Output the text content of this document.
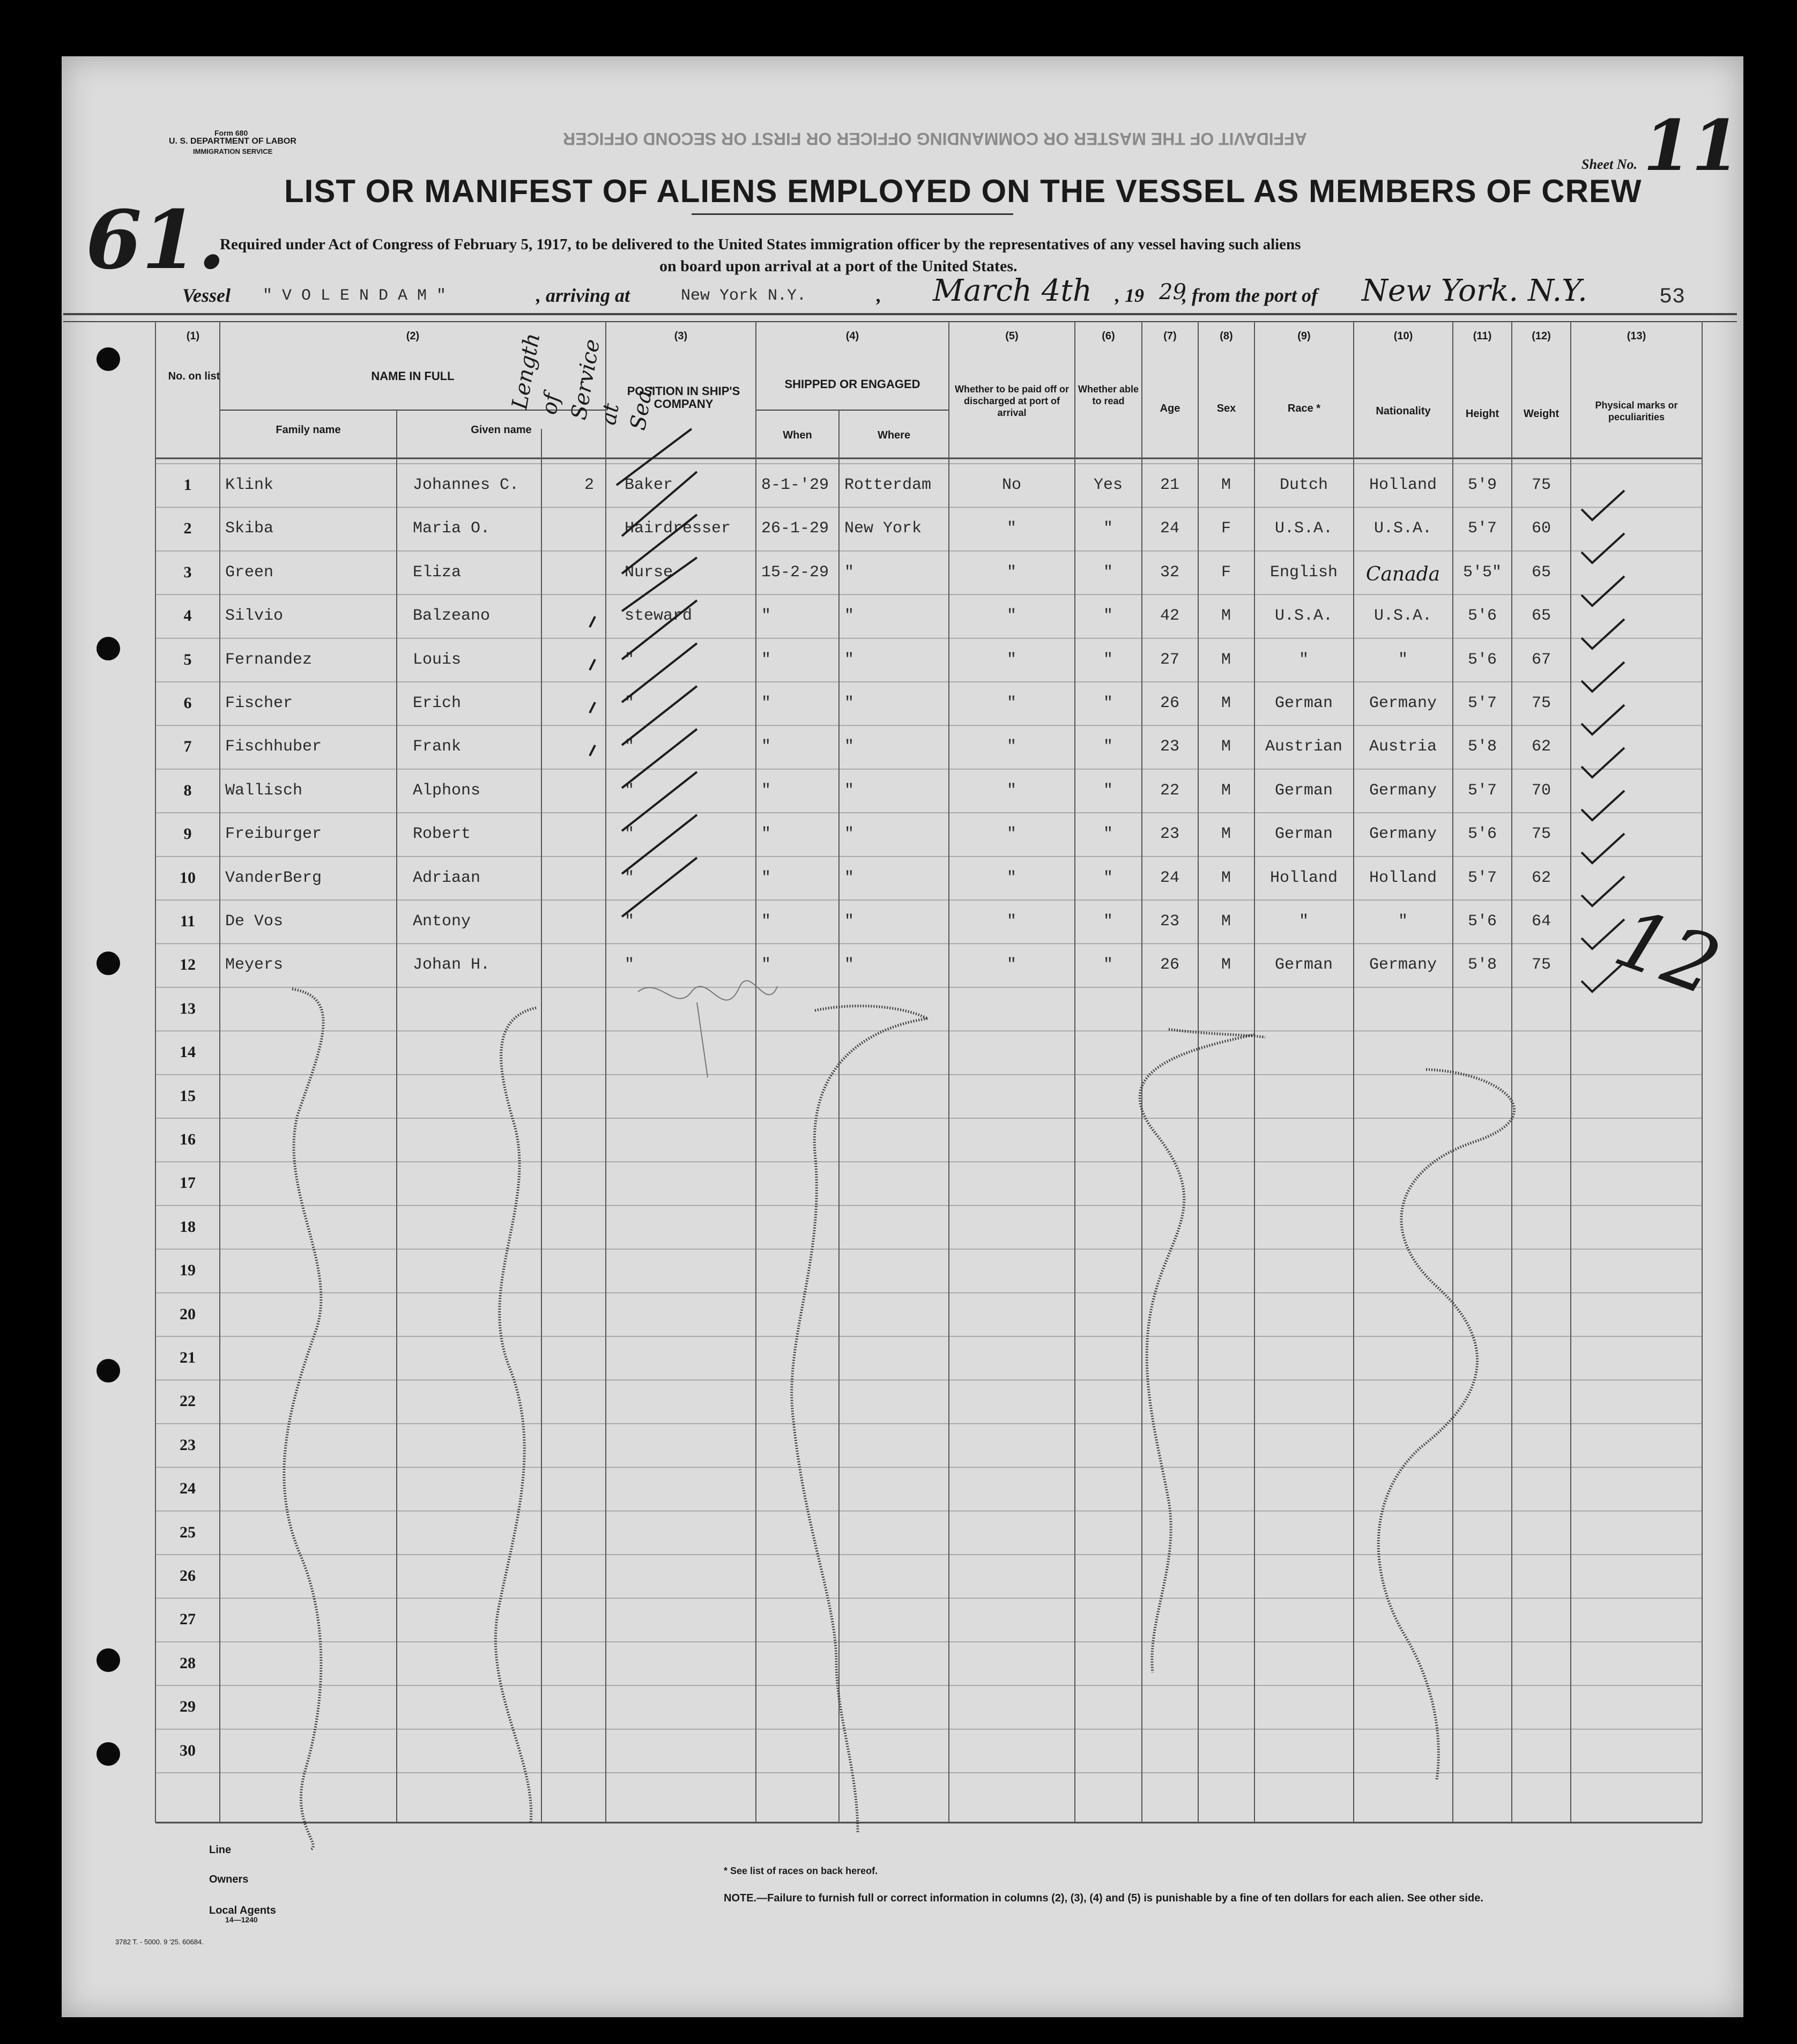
Form 680
U. S. DEPARTMENT OF LABOR
IMMIGRATION SERVICE
AFFIDAVIT OF THE MASTER OR COMMANDING OFFICER OR FIRST OR SECOND OFFICER
Sheet No. 11
61.
LIST OR MANIFEST OF ALIENS EMPLOYED ON THE VESSEL AS MEMBERS OF CREW
Required under Act of Congress of February 5, 1917, to be delivered to the United States immigration officer by the representatives of any vessel having such aliens
on board upon arrival at a port of the United States.
Vessel " V O L E N D A M "	, arriving at	New York N.Y.	, March 4th , 19 29
, from the port of New York. N.Y.	53
(1)
No. on list
(2)
NAME IN FULL
Family name	Given name
Length of Service at Sea.
(3)
POSITION IN SHIP'S COMPANY
(4)
SHIPPED OR ENGAGED
When	Where
(5)
Whether to be paid off or discharged at port of arrival
(6)
Whether able to read
(7)
Age
(8)
Sex
(9)
Race *
(10)
Nationality
(11)
Height
(12)
Weight
(13)
Physical marks or peculiarities
1	Klink	Johannes C.	2 Baker	8-1-'29 Rotterdam	No	Yes	21	M	Dutch	Holland	5'9	75
2	Skiba	Maria O.	Hairdresser 26-1-29 New York	"	"	24	F	U.S.A.	U.S.A.	5'7	60
3	Green	Eliza	Nurse	15-2-29 "	"	"	32	F	English	Canada	5'5"	65
4	Silvio	Balzeano	steward	"	"	"	"	42	M	U.S.A.	U.S.A.	5'6	65
5	Fernandez	Louis	"	"	"	"	"	27	M	"	"	5'6	67
6	Fischer	Erich	"	"	"	"	"	26	M	German	Germany	5'7	75
7	Fischhuber	Frank	"	"	"	"	"	23	M	Austrian	Austria	5'8	62
8	Wallisch	Alphons	"	"	"	"	"	22	M	German	Germany	5'7	70
9	Freiburger	Robert	"	"	"	"	"	23	M	German	Germany	5'6	75
10	VanderBerg	Adriaan	"	"	"	"	"	24	M	Holland	Holland	5'7	62
11	De Vos	Antony	"	"	"	"	"	23	M	"	"	5'6	64
12	Meyers	Johan H.	"	"	"	"	"	26	M	German	Germany	5'8	75
13
14
15
16
17
18
19
20
21
22
23
24
25
26
27
28
29
30
12
Line
Owners
Local Agents
14—1240
* See list of races on back hereof.
NOTE.—Failure to furnish full or correct information in columns (2), (3), (4) and (5) is punishable by a fine of ten dollars for each alien. See other side.
3782 T. - 5000. 9 '25. 60684.
